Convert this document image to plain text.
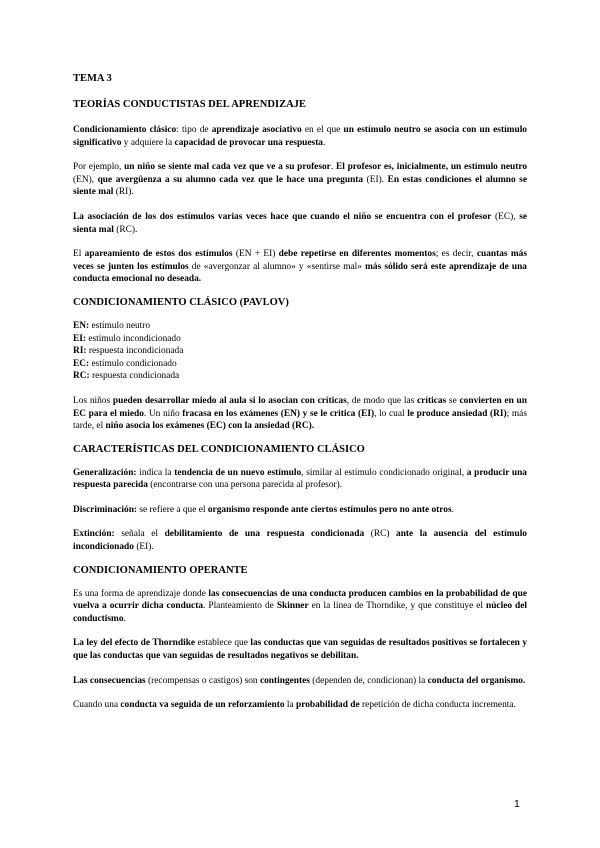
TEMA 3

TEORÍAS CONDUCTISTAS DEL APRENDIZAJE

Condicionamiento clásico: tipo de aprendizaje asociativo en el que un estímulo neutro se asocia con un estímulo significativo y adquiere la capacidad de provocar una respuesta.

Por ejemplo, un niño se siente mal cada vez que ve a su profesor. El profesor es, inicialmente, un estímulo neutro (EN), que avergüenza a su alumno cada vez que le hace una pregunta (EI). En estas condiciones el alumno se siente mal (RI).

La asociación de los dos estímulos varias veces hace que cuando el niño se encuentra con el profesor (EC), se sienta mal (RC).

El apareamiento de estos dos estímulos (EN + EI) debe repetirse en diferentes momentos; es decir, cuantas más veces se junten los estímulos de «avergonzar al alumno» y «sentirse mal» más sólido será este aprendizaje de una conducta emocional no deseada.

CONDICIONAMIENTO CLÁSICO (PAVLOV)

EN: estímulo neutro
EI: estímulo incondicionado
RI: respuesta incondicionada
EC: estímulo condicionado
RC: respuesta condicionada

Los niños pueden desarrollar miedo al aula si lo asocian con críticas, de modo que las críticas se convierten en un EC para el miedo. Un niño fracasa en los exámenes (EN) y se le critica (EI), lo cual le produce ansiedad (RI); más tarde, el niño asocia los exámenes (EC) con la ansiedad (RC).

CARACTERÍSTICAS DEL CONDICIONAMIENTO CLÁSICO

Generalización: indica la tendencia de un nuevo estímulo, similar al estímulo condicionado original, a producir una respuesta parecida (encontrarse con una persona parecida al profesor).

Discriminación: se refiere a que el organismo responde ante ciertos estímulos pero no ante otros.

Extinción: señala el debilitamiento de una respuesta condicionada (RC) ante la ausencia del estímulo incondicionado (EI).

CONDICIONAMIENTO OPERANTE

Es una forma de aprendizaje donde las consecuencias de una conducta producen cambios en la probabilidad de que vuelva a ocurrir dicha conducta. Planteamiento de Skinner en la línea de Thorndike, y que constituye el núcleo del conductismo.

La ley del efecto de Thorndike establece que las conductas que van seguidas de resultados positivos se fortalecen y que las conductas que van seguidas de resultados negativos se debilitan.

Las consecuencias (recompensas o castigos) son contingentes (dependen de, condicionan) la conducta del organismo.

Cuando una conducta va seguida de un reforzamiento la probabilidad de repetición de dicha conducta incrementa.

1
